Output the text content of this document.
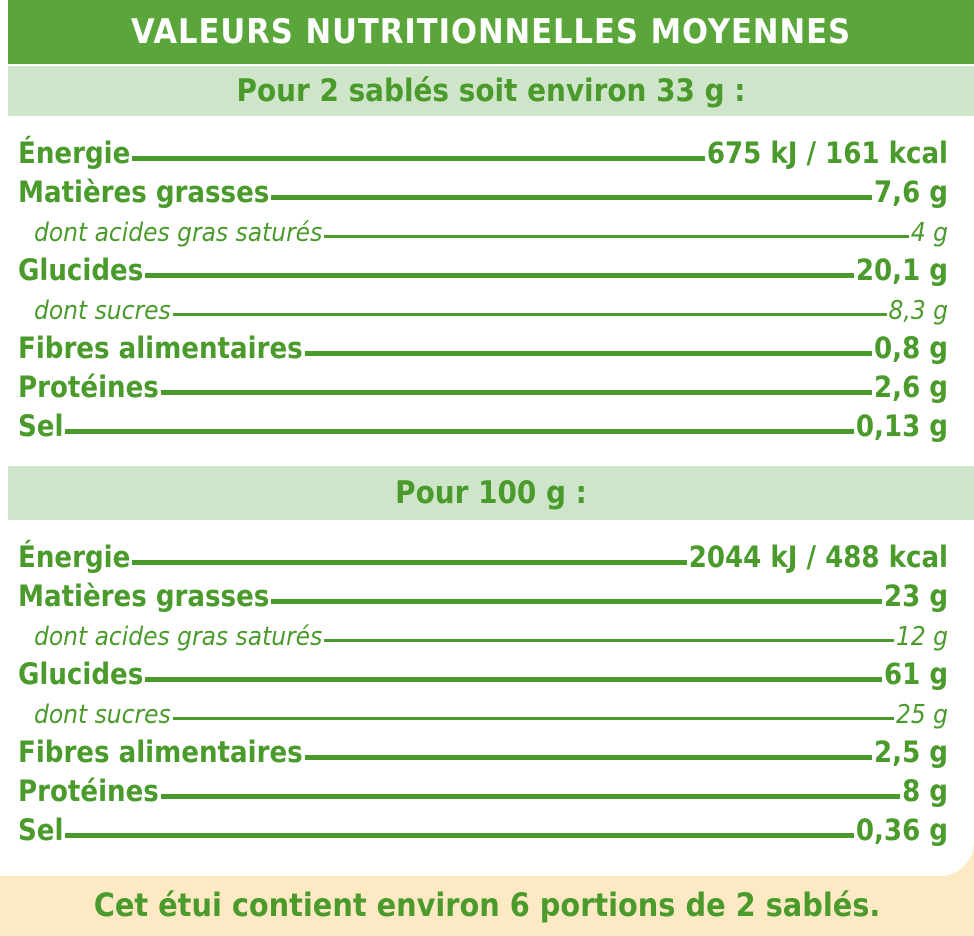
VALEURS NUTRITIONNELLES MOYENNES
Pour 2 sablés soit environ 33 g :
Énergie	675 kJ / 161 kcal
Matières grasses	7,6 g
dont acides gras saturés	4 g
Glucides	20,1 g
dont sucres	8,3 g
Fibres alimentaires	0,8 g
Protéines	2,6 g
Sel	0,13 g
Pour 100 g :
Énergie	2044 kJ / 488 kcal
Matières grasses	23 g
dont acides gras saturés	12 g
Glucides	61 g
dont sucres	25 g
Fibres alimentaires	2,5 g
Protéines	8 g
Sel	0,36 g
Cet étui contient environ 6 portions de 2 sablés.
